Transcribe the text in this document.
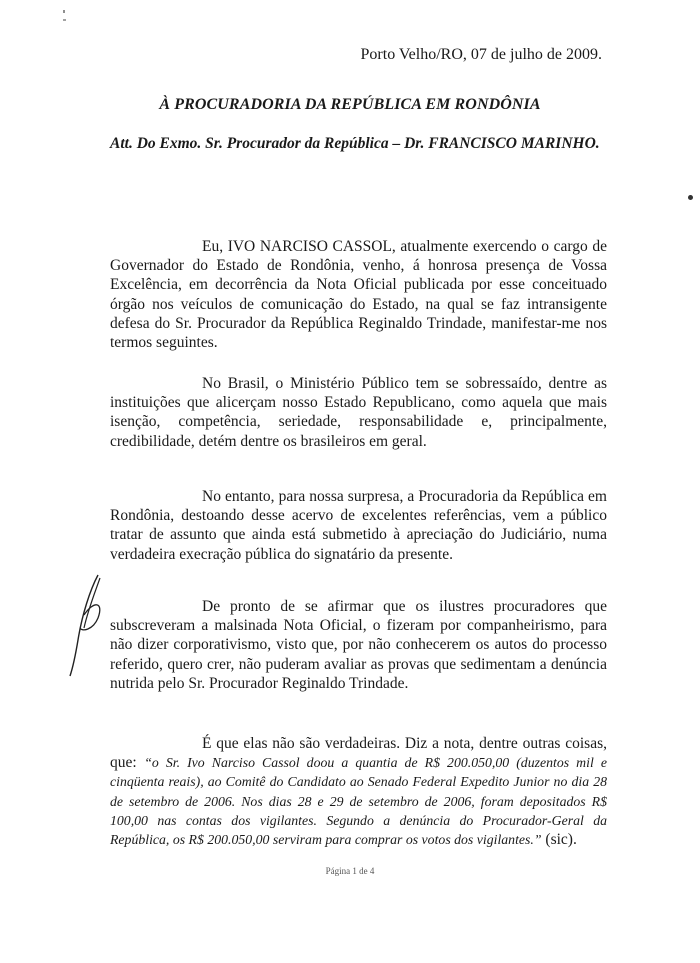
Porto Velho/RO, 07 de julho de 2009.
À PROCURADORIA DA REPÚBLICA EM RONDÔNIA
Att. Do Exmo. Sr. Procurador da República – Dr. FRANCISCO MARINHO.

Eu, IVO NARCISO CASSOL, atualmente exercendo o cargo de Governador do Estado de Rondônia, venho, á honrosa presença de Vossa Excelência, em decorrência da Nota Oficial publicada por esse conceituado órgão nos veículos de comunicação do Estado, na qual se faz intransigente defesa do Sr. Procurador da República Reginaldo Trindade, manifestar-me nos termos seguintes.

No Brasil, o Ministério Público tem se sobressaído, dentre as instituições que alicerçam nosso Estado Republicano, como aquela que mais isenção, competência, seriedade, responsabilidade e, principalmente, credibilidade, detém dentre os brasileiros em geral.

No entanto, para nossa surpresa, a Procuradoria da República em Rondônia, destoando desse acervo de excelentes referências, vem a público tratar de assunto que ainda está submetido à apreciação do Judiciário, numa verdadeira execração pública do signatário da presente.

De pronto de se afirmar que os ilustres procuradores que subscreveram a malsinada Nota Oficial, o fizeram por companheirismo, para não dizer corporativismo, visto que, por não conhecerem os autos do processo referido, quero crer, não puderam avaliar as provas que sedimentam a denúncia nutrida pelo Sr. Procurador Reginaldo Trindade.

É que elas não são verdadeiras. Diz a nota, dentre outras coisas, que: “o Sr. Ivo Narciso Cassol doou a quantia de R$ 200.050,00 (duzentos mil e cinqüenta reais), ao Comitê do Candidato ao Senado Federal Expedito Junior no dia 28 de setembro de 2006. Nos dias 28 e 29 de setembro de 2006, foram depositados R$ 100,00 nas contas dos vigilantes. Segundo a denúncia do Procurador-Geral da República, os R$ 200.050,00 serviram para comprar os votos dos vigilantes.” (sic).

Página 1 de 4
